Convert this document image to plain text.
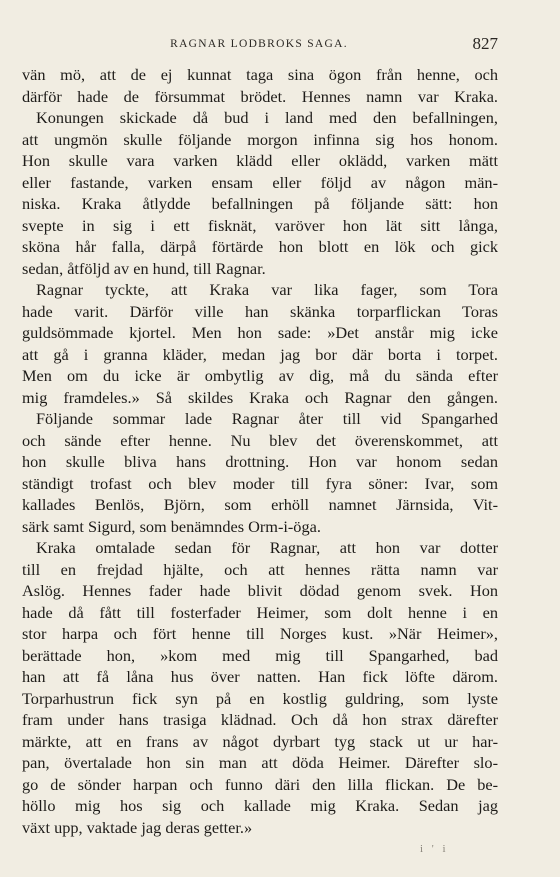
RAGNAR LODBROKS SAGA.	827
vän mö, att de ej kunnat taga sina ögon från henne, och
därför hade de försummat brödet. Hennes namn var Kraka.
Konungen skickade då bud i land med den befallningen,
att ungmön skulle följande morgon infinna sig hos honom.
Hon skulle vara varken klädd eller oklädd, varken mätt
eller fastande, varken ensam eller följd av någon män-
niska. Kraka åtlydde befallningen på följande sätt: hon
svepte in sig i ett fisknät, varöver hon lät sitt långa,
sköna hår falla, därpå förtärde hon blott en lök och gick
sedan, åtföljd av en hund, till Ragnar.
Ragnar tyckte, att Kraka var lika fager, som Tora
hade varit. Därför ville han skänka torparflickan Toras
guldsömmade kjortel. Men hon sade: »Det anstår mig icke
att gå i granna kläder, medan jag bor där borta i torpet.
Men om du icke är ombytlig av dig, må du sända efter
mig framdeles.» Så skildes Kraka och Ragnar den gången.
Följande sommar lade Ragnar åter till vid Spangarhed
och sände efter henne. Nu blev det överenskommet, att
hon skulle bliva hans drottning. Hon var honom sedan
ständigt trofast och blev moder till fyra söner: Ivar, som
kallades Benlös, Björn, som erhöll namnet Järnsida, Vit-
särk samt Sigurd, som benämndes Orm-i-öga.
Kraka omtalade sedan för Ragnar, att hon var dotter
till en frejdad hjälte, och att hennes rätta namn var
Aslög. Hennes fader hade blivit dödad genom svek. Hon
hade då fått till fosterfader Heimer, som dolt henne i en
stor harpa och fört henne till Norges kust. »När Heimer»,
berättade hon, »kom med mig till Spangarhed, bad
han att få låna hus över natten. Han fick löfte därom.
Torparhustrun fick syn på en kostlig guldring, som lyste
fram under hans trasiga klädnad. Och då hon strax därefter
märkte, att en frans av något dyrbart tyg stack ut ur har-
pan, övertalade hon sin man att döda Heimer. Därefter slo-
go de sönder harpan och funno däri den lilla flickan. De be-
höllo mig hos sig och kallade mig Kraka. Sedan jag
växt upp, vaktade jag deras getter.»
i ' i
